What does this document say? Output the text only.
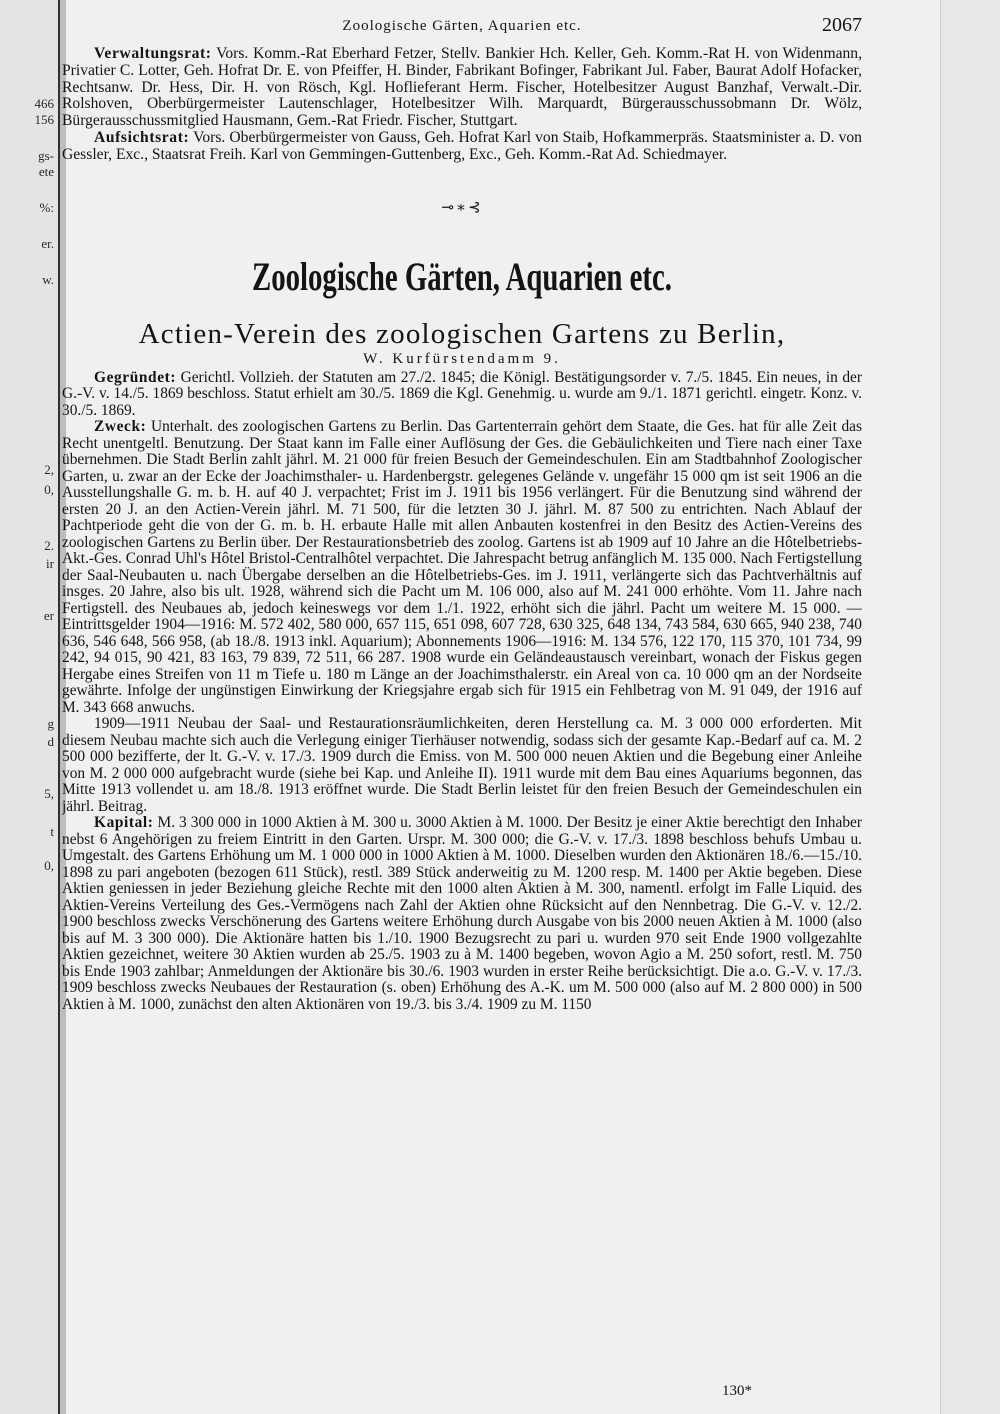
466
156
gs-
ete
%:
er.
w.
2,
0,
2.
ir
er
g
d
5,
t
0,
Zoologische Gärten, Aquarien etc.	2067

Verwaltungsrat: Vors. Komm.-Rat Eberhard Fetzer, Stellv. Bankier Hch. Keller, Geh. Komm.-Rat H. von Widenmann, Privatier C. Lotter, Geh. Hofrat Dr. E. von Pfeiffer, H. Binder, Fabrikant Bofinger, Fabrikant Jul. Faber, Baurat Adolf Hofacker, Rechtsanw. Dr. Hess, Dir. H. von Rösch, Kgl. Hoflieferant Herm. Fischer, Hotelbesitzer August Banzhaf, Verwalt.-Dir. Rolshoven, Oberbürgermeister Lautenschlager, Hotelbesitzer Wilh. Marquardt, Bürgerausschussobmann Dr. Wölz, Bürgerausschussmitglied Hausmann, Gem.-Rat Friedr. Fischer, Stuttgart.

Aufsichtsrat: Vors. Oberbürgermeister von Gauss, Geh. Hofrat Karl von Staib, Hofkammerpräs. Staatsminister a. D. von Gessler, Exc., Staatsrat Freih. Karl von Gemmingen-Guttenberg, Exc., Geh. Komm.-Rat Ad. Schiedmayer.

⊸∗⊰
Zoologische Gärten, Aquarien etc.
Actien-Verein des zoologischen Gartens zu Berlin,
W. Kurfürstendamm 9.

Gegründet: Gerichtl. Vollzieh. der Statuten am 27./2. 1845; die Königl. Bestätigungsorder v. 7./5. 1845. Ein neues, in der G.-V. v. 14./5. 1869 beschloss. Statut erhielt am 30./5. 1869 die Kgl. Genehmig. u. wurde am 9./1. 1871 gerichtl. eingetr. Konz. v. 30./5. 1869.

Zweck: Unterhalt. des zoologischen Gartens zu Berlin. Das Gartenterrain gehört dem Staate, die Ges. hat für alle Zeit das Recht unentgeltl. Benutzung. Der Staat kann im Falle einer Auflösung der Ges. die Gebäulichkeiten und Tiere nach einer Taxe übernehmen. Die Stadt Berlin zahlt jährl. M. 21 000 für freien Besuch der Gemeindeschulen. Ein am Stadtbahnhof Zoologischer Garten, u. zwar an der Ecke der Joachimsthaler- u. Hardenbergstr. gelegenes Gelände v. ungefähr 15 000 qm ist seit 1906 an die Ausstellungshalle G. m. b. H. auf 40 J. verpachtet; Frist im J. 1911 bis 1956 verlängert. Für die Benutzung sind während der ersten 20 J. an den Actien-Verein jährl. M. 71 500, für die letzten 30 J. jährl. M. 87 500 zu entrichten. Nach Ablauf der Pachtperiode geht die von der G. m. b. H. erbaute Halle mit allen Anbauten kostenfrei in den Besitz des Actien-Vereins des zoologischen Gartens zu Berlin über. Der Restaurationsbetrieb des zoolog. Gartens ist ab 1909 auf 10 Jahre an die Hôtelbetriebs-Akt.-Ges. Conrad Uhl's Hôtel Bristol-Centralhôtel verpachtet. Die Jahrespacht betrug anfänglich M. 135 000. Nach Fertigstellung der Saal-Neubauten u. nach Übergabe derselben an die Hôtelbetriebs-Ges. im J. 1911, verlängerte sich das Pachtverhältnis auf insges. 20 Jahre, also bis ult. 1928, während sich die Pacht um M. 106 000, also auf M. 241 000 erhöhte. Vom 11. Jahre nach Fertigstell. des Neubaues ab, jedoch keineswegs vor dem 1./1. 1922, erhöht sich die jährl. Pacht um weitere M. 15 000. — Eintrittsgelder 1904—1916: M. 572 402, 580 000, 657 115, 651 098, 607 728, 630 325, 648 134, 743 584, 630 665, 940 238, 740 636, 546 648, 566 958, (ab 18./8. 1913 inkl. Aquarium); Abonnements 1906—1916: M. 134 576, 122 170, 115 370, 101 734, 99 242, 94 015, 90 421, 83 163, 79 839, 72 511, 66 287. 1908 wurde ein Geländeaustausch vereinbart, wonach der Fiskus gegen Hergabe eines Streifen von 11 m Tiefe u. 180 m Länge an der Joachimsthalerstr. ein Areal von ca. 10 000 qm an der Nordseite gewährte. Infolge der ungünstigen Einwirkung der Kriegsjahre ergab sich für 1915 ein Fehlbetrag von M. 91 049, der 1916 auf M. 343 668 anwuchs.

1909—1911 Neubau der Saal- und Restaurationsräumlichkeiten, deren Herstellung ca. M. 3 000 000 erforderten. Mit diesem Neubau machte sich auch die Verlegung einiger Tierhäuser notwendig, sodass sich der gesamte Kap.-Bedarf auf ca. M. 2 500 000 bezifferte, der lt. G.-V. v. 17./3. 1909 durch die Emiss. von M. 500 000 neuen Aktien und die Begebung einer Anleihe von M. 2 000 000 aufgebracht wurde (siehe bei Kap. und Anleihe II). 1911 wurde mit dem Bau eines Aquariums begonnen, das Mitte 1913 vollendet u. am 18./8. 1913 eröffnet wurde. Die Stadt Berlin leistet für den freien Besuch der Gemeindeschulen ein jährl. Beitrag.

Kapital: M. 3 300 000 in 1000 Aktien à M. 300 u. 3000 Aktien à M. 1000. Der Besitz je einer Aktie berechtigt den Inhaber nebst 6 Angehörigen zu freiem Eintritt in den Garten. Urspr. M. 300 000; die G.-V. v. 17./3. 1898 beschloss behufs Umbau u. Umgestalt. des Gartens Erhöhung um M. 1 000 000 in 1000 Aktien à M. 1000. Dieselben wurden den Aktionären 18./6.—15./10. 1898 zu pari angeboten (bezogen 611 Stück), restl. 389 Stück anderweitig zu M. 1200 resp. M. 1400 per Aktie begeben. Diese Aktien geniessen in jeder Beziehung gleiche Rechte mit den 1000 alten Aktien à M. 300, namentl. erfolgt im Falle Liquid. des Aktien-Vereins Verteilung des Ges.-Vermögens nach Zahl der Aktien ohne Rücksicht auf den Nennbetrag. Die G.-V. v. 12./2. 1900 beschloss zwecks Verschönerung des Gartens weitere Erhöhung durch Ausgabe von bis 2000 neuen Aktien à M. 1000 (also bis auf M. 3 300 000). Die Aktionäre hatten bis 1./10. 1900 Bezugsrecht zu pari u. wurden 970 seit Ende 1900 vollgezahlte Aktien gezeichnet, weitere 30 Aktien wurden ab 25./5. 1903 zu à M. 1400 begeben, wovon Agio a M. 250 sofort, restl. M. 750 bis Ende 1903 zahlbar; Anmeldungen der Aktionäre bis 30./6. 1903 wurden in erster Reihe berücksichtigt. Die a.o. G.-V. v. 17./3. 1909 beschloss zwecks Neubaues der Restauration (s. oben) Erhöhung des A.-K. um M. 500 000 (also auf M. 2 800 000) in 500 Aktien à M. 1000, zunächst den alten Aktionären von 19./3. bis 3./4. 1909 zu M. 1150

130*
